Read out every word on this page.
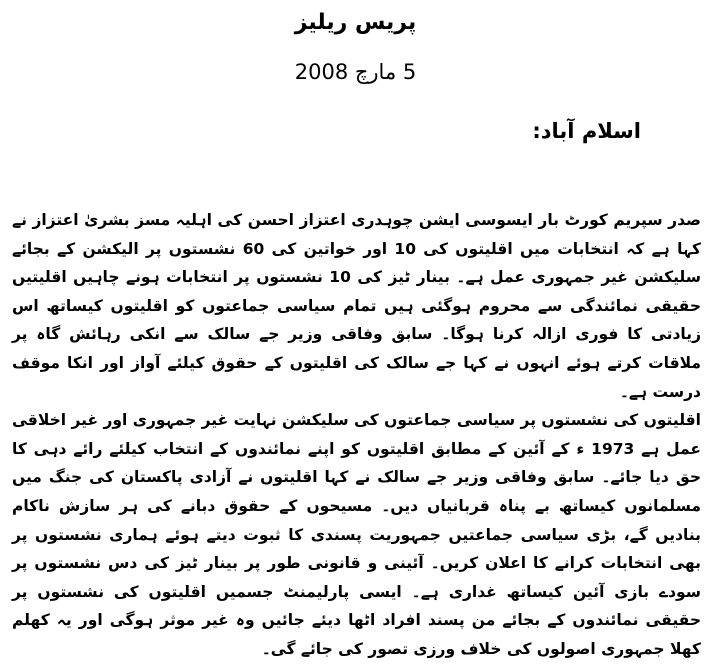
پریس ریلیز
5 مارچ 2008
اسلام آباد:

صدر سپریم کورٹ بار ایسوسی ایشن چوہدری اعتزاز احسن کی اہلیہ مسز بشریٰ اعتزاز نے کہا ہے کہ انتخابات میں اقلیتوں کی 10 اور خواتین کی 60 نشستوں پر الیکشن کے بجائے سلیکشن غیر جمہوری عمل ہے۔ بینار ٹیز کی 10 نشستوں پر انتخابات ہونے چاہیں اقلیتیں حقیقی نمائندگی سے محروم ہوگئی ہیں تمام سیاسی جماعتوں کو اقلیتوں کیساتھ اس زیادتی کا فوری ازالہ کرنا ہوگا۔ سابق وفاقی وزیر جے سالک سے انکی رہائش گاہ پر ملاقات کرتے ہوئے انہوں نے کہا جے سالک کی اقلیتوں کے حقوق کیلئے آواز اور انکا موقف درست ہے۔

اقلیتوں کی نشستوں پر سیاسی جماعتوں کی سلیکشن نہایت غیر جمہوری اور غیر اخلاقی عمل ہے 1973 ء کے آئین کے مطابق اقلیتوں کو اپنے نمائندوں کے انتخاب کیلئے رائے دہی کا حق دیا جائے۔ سابق وفاقی وزیر جے سالک نے کہا اقلیتوں نے آزادی پاکستان کی جنگ میں مسلمانوں کیساتھ بے پناہ قربانیاں دیں۔ مسیحوں کے حقوق دبانے کی ہر سازش ناکام بنادیں گے، بڑی سیاسی جماعتیں جمہوریت پسندی کا ثبوت دیتے ہوئے ہماری نشستوں پر بھی انتخابات کرانے کا اعلان کریں۔ آئینی و قانونی طور پر بینار ٹیز کی دس نشستوں پر سودے بازی آئین کیساتھ غداری ہے۔ ایسی پارلیمنٹ جسمیں اقلیتوں کی نشستوں پر حقیقی نمائندوں کے بجائے من پسند افراد اٹھا دیئے جائیں وہ غیر موثر ہوگی اور یہ کھلم کھلا جمہوری اصولوں کی خلاف ورزی تصور کی جائے گی۔
